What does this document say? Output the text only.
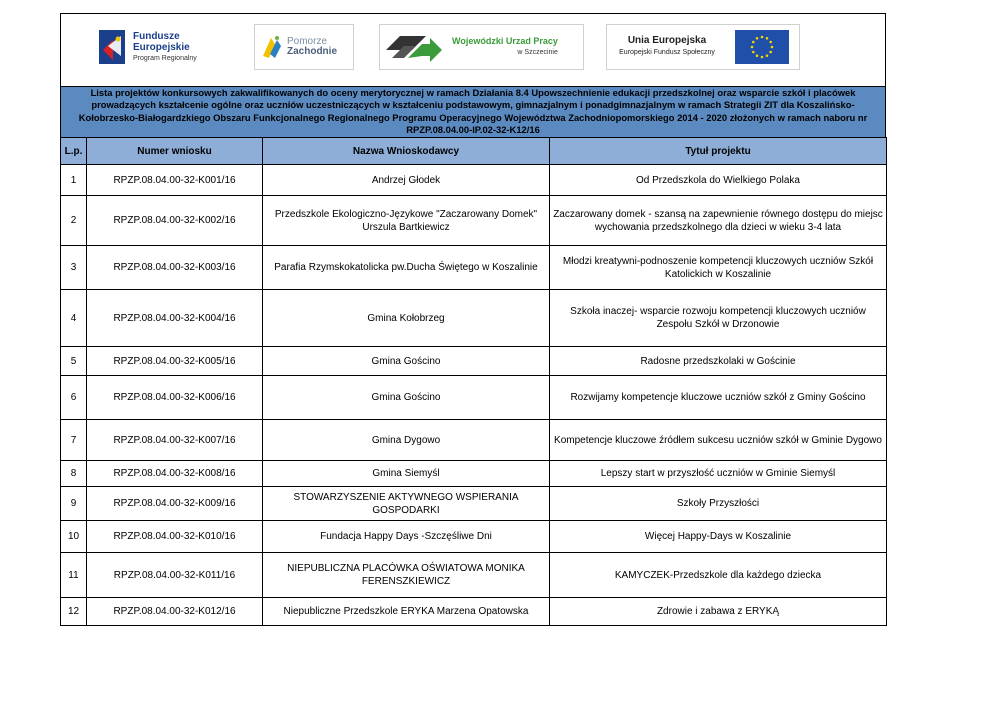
Fundusze
Europejskie
Program Regionalny
Pomorze
Zachodnie
Wojewódzki Urzad Pracy
w Szczecinie
Unia Europejska
Europejski Fundusz Społeczny
Lista projektów konkursowych zakwalifikowanych do oceny merytorycznej w ramach Działania 8.4 Upowszechnienie edukacji przedszkolnej oraz wsparcie szkół i placówek prowadzących kształcenie ogólne oraz uczniów uczestniczących w kształceniu podstawowym, gimnazjalnym i ponadgimnazjalnym w ramach Strategii ZIT dla Koszalińsko-Kołobrzesko-Białogardzkiego Obszaru Funkcjonalnego Regionalnego Programu Operacyjnego Województwa Zachodniopomorskiego 2014 - 2020 złożonych w ramach naboru nr RPZP.08.04.00-IP.02-32-K12/16
L.p.	Numer wniosku	Nazwa Wnioskodawcy	Tytuł projektu
1	RPZP.08.04.00-32-K001/16	Andrzej Głodek	Od Przedszkola do Wielkiego Polaka
2	RPZP.08.04.00-32-K002/16	Przedszkole Ekologiczno-Językowe "Zaczarowany Domek" Urszula Bartkiewicz	Zaczarowany domek - szansą na zapewnienie równego dostępu do miejsc wychowania przedszkolnego dla dzieci w wieku 3-4 lata
3	RPZP.08.04.00-32-K003/16	Parafia Rzymskokatolicka pw.Ducha Świętego w Koszalinie	Młodzi kreatywni-podnoszenie kompetencji kluczowych uczniów Szkół Katolickich w Koszalinie
4	RPZP.08.04.00-32-K004/16	Gmina Kołobrzeg	Szkoła inaczej- wsparcie rozwoju kompetencji kluczowych uczniów Zespołu Szkół w Drzonowie
5	RPZP.08.04.00-32-K005/16	Gmina Gościno	Radosne przedszkolaki w Gościnie
6	RPZP.08.04.00-32-K006/16	Gmina Gościno	Rozwijamy kompetencje kluczowe uczniów szkół z Gminy Gościno
7	RPZP.08.04.00-32-K007/16	Gmina Dygowo	Kompetencje kluczowe źródłem sukcesu uczniów szkół w Gminie Dygowo
8	RPZP.08.04.00-32-K008/16	Gmina Siemyśl	Lepszy start w przyszłość uczniów w Gminie Siemyśl
9	RPZP.08.04.00-32-K009/16	STOWARZYSZENIE AKTYWNEGO WSPIERANIA GOSPODARKI	Szkoły Przyszłości
10	RPZP.08.04.00-32-K010/16	Fundacja Happy Days -Szczęśliwe Dni	Więcej Happy-Days w Koszalinie
11	RPZP.08.04.00-32-K011/16	NIEPUBLICZNA PLACÓWKA OŚWIATOWA MONIKA FERENSZKIEWICZ	KAMYCZEK-Przedszkole dla każdego dziecka
12	RPZP.08.04.00-32-K012/16	Niepubliczne Przedszkole ERYKA Marzena Opatowska	Zdrowie i zabawa z ERYKĄ
